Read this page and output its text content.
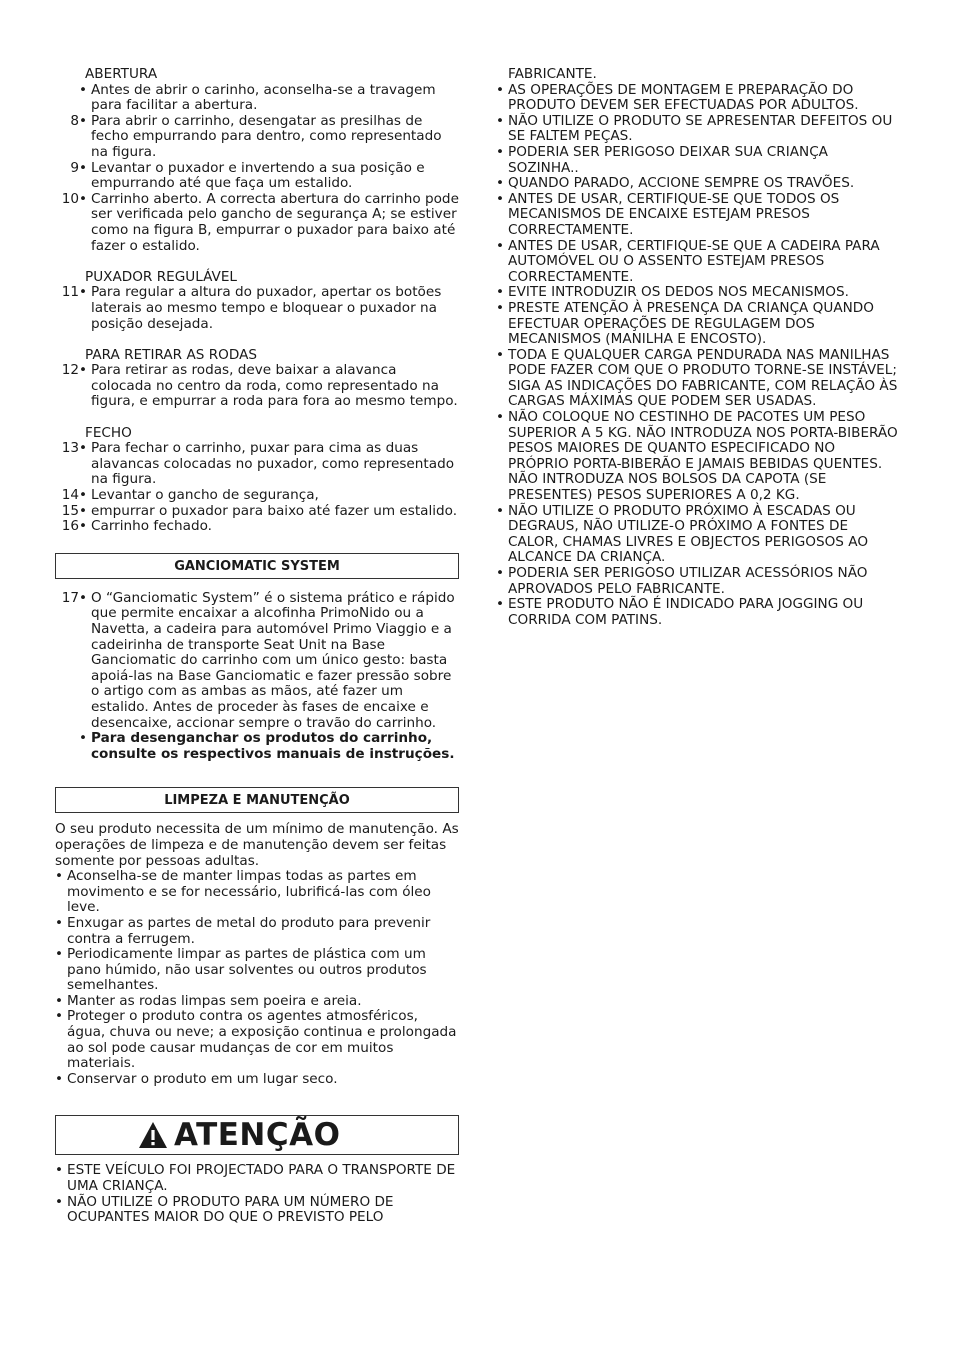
ABERTURA
• Antes de abrir o carinho, aconselha-se a travagem para facilitar a abertura.
8 • Para abrir o carrinho, desengatar as presilhas de fecho empurrando para dentro, como representado na figura.
9 • Levantar o puxador e invertendo a sua posição e empurrando até que faça um estalido.
10 • Carrinho aberto. A correcta abertura do carrinho pode ser verificada pelo gancho de segurança A; se estiver como na figura B, empurrar o puxador para baixo até fazer o estalido.
PUXADOR REGULÁVEL
11 • Para regular a altura do puxador, apertar os botões laterais ao mesmo tempo e bloquear o puxador na posição desejada.
PARA RETIRAR AS RODAS
12 • Para retirar as rodas, deve baixar a alavanca colocada no centro da roda, como representado na figura, e empurrar a roda para fora ao mesmo tempo.
FECHO
13 • Para fechar o carrinho, puxar para cima as duas alavancas colocadas no puxador, como representado na figura.
14 • Levantar o gancho de segurança,
15 • empurrar o puxador para baixo até fazer um estalido.
16 • Carrinho fechado.
GANCIOMATIC SYSTEM
17 • O “Ganciomatic System” é o sistema prático e rápido que permite encaixar a alcofinha PrimoNido ou a Navetta, a cadeira para automóvel Primo Viaggio e a cadeirinha de transporte Seat Unit na Base Ganciomatic do carrinho com um único gesto: basta apoiá-las na Base Ganciomatic e fazer pressão sobre o artigo com as ambas as mãos, até fazer um estalido. Antes de proceder às fases de encaixe e desencaixe, accionar sempre o travão do carrinho.
• Para desenganchar os produtos do carrinho, consulte os respectivos manuais de instruções.
LIMPEZA E MANUTENÇÃO
O seu produto necessita de um mínimo de manutenção. As operações de limpeza e de manutenção devem ser feitas somente por pessoas adultas.
• Aconselha-se de manter limpas todas as partes em movimento e se for necessário, lubrificá-las com óleo leve.
• Enxugar as partes de metal do produto para prevenir contra a ferrugem.
• Periodicamente limpar as partes de plástica com um pano húmido, não usar solventes ou outros produtos semelhantes.
• Manter as rodas limpas sem poeira e areia.
• Proteger o produto contra os agentes atmosféricos, água, chuva ou neve; a exposição continua e prolongada ao sol pode causar mudanças de cor em muitos materiais.
• Conservar o produto em um lugar seco.
ATENÇÃO
• ESTE VEÍCULO FOI PROJECTADO PARA O TRANSPORTE DE UMA CRIANÇA.
• NÃO UTILIZE O PRODUTO PARA UM NÚMERO DE OCUPANTES MAIOR DO QUE O PREVISTO PELO
FABRICANTE.
• AS OPERAÇÕES DE MONTAGEM E PREPARAÇÃO DO PRODUTO DEVEM SER EFECTUADAS POR ADULTOS.
• NÃO UTILIZE O PRODUTO SE APRESENTAR DEFEITOS OU SE FALTEM PEÇAS.
• PODERIA SER PERIGOSO DEIXAR SUA CRIANÇA SOZINHA..
• QUANDO PARADO, ACCIONE SEMPRE OS TRAVÕES.
• ANTES DE USAR, CERTIFIQUE-SE QUE TODOS OS MECANISMOS DE ENCAIXE ESTEJAM PRESOS CORRECTAMENTE.
• ANTES DE USAR, CERTIFIQUE-SE QUE A CADEIRA PARA AUTOMÓVEL OU O ASSENTO ESTEJAM PRESOS CORRECTAMENTE.
• EVITE INTRODUZIR OS DEDOS NOS MECANISMOS.
• PRESTE ATENÇÃO À PRESENÇA DA CRIANÇA QUANDO EFECTUAR OPERAÇÕES DE REGULAGEM DOS MECANISMOS (MANILHA E ENCOSTO).
• TODA E QUALQUER CARGA PENDURADA NAS MANILHAS PODE FAZER COM QUE O PRODUTO TORNE-SE INSTÁVEL; SIGA AS INDICAÇÕES DO FABRICANTE, COM RELAÇÃO ÀS CARGAS MÁXIMAS QUE PODEM SER USADAS.
• NÃO COLOQUE NO CESTINHO DE PACOTES UM PESO SUPERIOR A 5 KG. NÃO INTRODUZA NOS PORTA-BIBERÃO PESOS MAIORES DE QUANTO ESPECIFICADO NO PRÓPRIO PORTA-BIBERÃO E JAMAIS BEBIDAS QUENTES. NÃO INTRODUZA NOS BOLSOS DA CAPOTA (SE PRESENTES) PESOS SUPERIORES A 0,2 KG.
• NÃO UTILIZE O PRODUTO PRÓXIMO À ESCADAS OU DEGRAUS, NÃO UTILIZE-O PRÓXIMO A FONTES DE CALOR, CHAMAS LIVRES E OBJECTOS PERIGOSOS AO ALCANCE DA CRIANÇA.
• PODERIA SER PERIGOSO UTILIZAR ACESSÓRIOS NÃO APROVADOS PELO FABRICANTE.
• ESTE PRODUTO NÃO É INDICADO PARA JOGGING OU CORRIDA COM PATINS.
